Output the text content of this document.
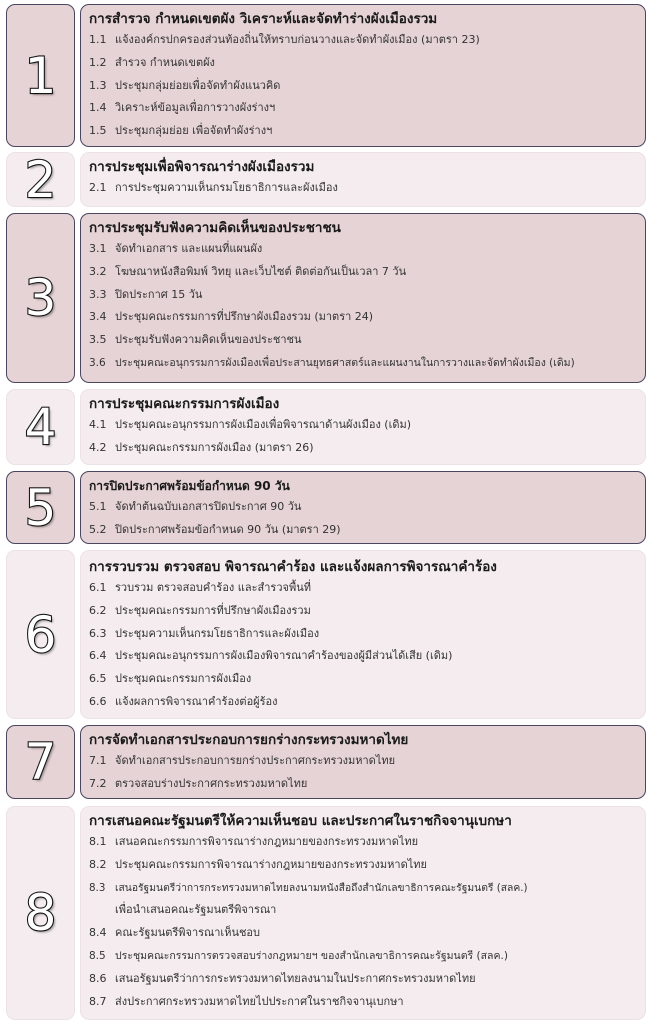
1
การสำรวจ กำหนดเขตผัง วิเคราะห์และจัดทำร่างผังเมืองรวม
1.1 แจ้งองค์กรปกครองส่วนท้องถิ่นให้ทราบก่อนวางและจัดทำผังเมือง (มาตรา 23)
1.2 สำรวจ กำหนดเขตผัง
1.3 ประชุมกลุ่มย่อยเพื่อจัดทำผังแนวคิด
1.4 วิเคราะห์ข้อมูลเพื่อการวางผังร่างฯ
1.5 ประชุมกลุ่มย่อย เพื่อจัดทำผังร่างฯ
2 การประชุมเพื่อพิจารณาร่างผังเมืองรวม
2.1 การประชุมความเห็นกรมโยธาธิการและผังเมือง
3
การประชุมรับฟังความคิดเห็นของประชาชน
3.1 จัดทำเอกสาร และแผนที่แผนผัง
3.2 โฆษณาหนังสือพิมพ์ วิทยุ และเว็บไซต์ ติดต่อกันเป็นเวลา 7 วัน
3.3 ปิดประกาศ 15 วัน
3.4 ประชุมคณะกรรมการที่ปรึกษาผังเมืองรวม (มาตรา 24)
3.5 ประชุมรับฟังความคิดเห็นของประชาชน
3.6 ประชุมคณะอนุกรรมการผังเมืองเพื่อประสานยุทธศาสตร์และแผนงานในการวางและจัดทำผังเมือง (เดิม)
4 การประชุมคณะกรรมการผังเมือง
4.1 ประชุมคณะอนุกรรมการผังเมืองเพื่อพิจารณาด้านผังเมือง (เดิม)
4.2 ประชุมคณะกรรมการผังเมือง (มาตรา 26)
5	การปิดประกาศพร้อมข้อกำหนด 90 วัน
5.1 จัดทำต้นฉบับเอกสารปิดประกาศ 90 วัน
5.2 ปิดประกาศพร้อมข้อกำหนด 90 วัน (มาตรา 29)
6
การรวบรวม ตรวจสอบ พิจารณาคำร้อง และแจ้งผลการพิจารณาคำร้อง
6.1 รวบรวม ตรวจสอบคำร้อง และสำรวจพื้นที่
6.2 ประชุมคณะกรรมการที่ปรึกษาผังเมืองรวม
6.3 ประชุมความเห็นกรมโยธาธิการและผังเมือง
6.4 ประชุมคณะอนุกรรมการผังเมืองพิจารณาคำร้องของผู้มีส่วนได้เสีย (เดิม)
6.5 ประชุมคณะกรรมการผังเมือง
6.6 แจ้งผลการพิจารณาคำร้องต่อผู้ร้อง
7 การจัดทำเอกสารประกอบการยกร่างกระทรวงมหาดไทย
7.1 จัดทำเอกสารประกอบการยกร่างประกาศกระทรวงมหาดไทย
7.2 ตรวจสอบร่างประกาศกระทรวงมหาดไทย
8
การเสนอคณะรัฐมนตรีให้ความเห็นชอบ และประกาศในราชกิจจานุเบกษา
8.1 เสนอคณะกรรมการพิจารณาร่างกฎหมายของกระทรวงมหาดไทย
8.2 ประชุมคณะกรรมการพิจารณาร่างกฎหมายของกระทรวงมหาดไทย
8.3 เสนอรัฐมนตรีว่าการกระทรวงมหาดไทยลงนามหนังสือถึงสำนักเลขาธิการคณะรัฐมนตรี (สลค.)
เพื่อนำเสนอคณะรัฐมนตรีพิจารณา
8.4 คณะรัฐมนตรีพิจารณาเห็นชอบ
8.5 ประชุมคณะกรรมการตรวจสอบร่างกฎหมายฯ ของสำนักเลขาธิการคณะรัฐมนตรี (สลค.)
8.6 เสนอรัฐมนตรีว่าการกระทรวงมหาดไทยลงนามในประกาศกระทรวงมหาดไทย
8.7 ส่งประกาศกระทรวงมหาดไทยไปประกาศในราชกิจจานุเบกษา
